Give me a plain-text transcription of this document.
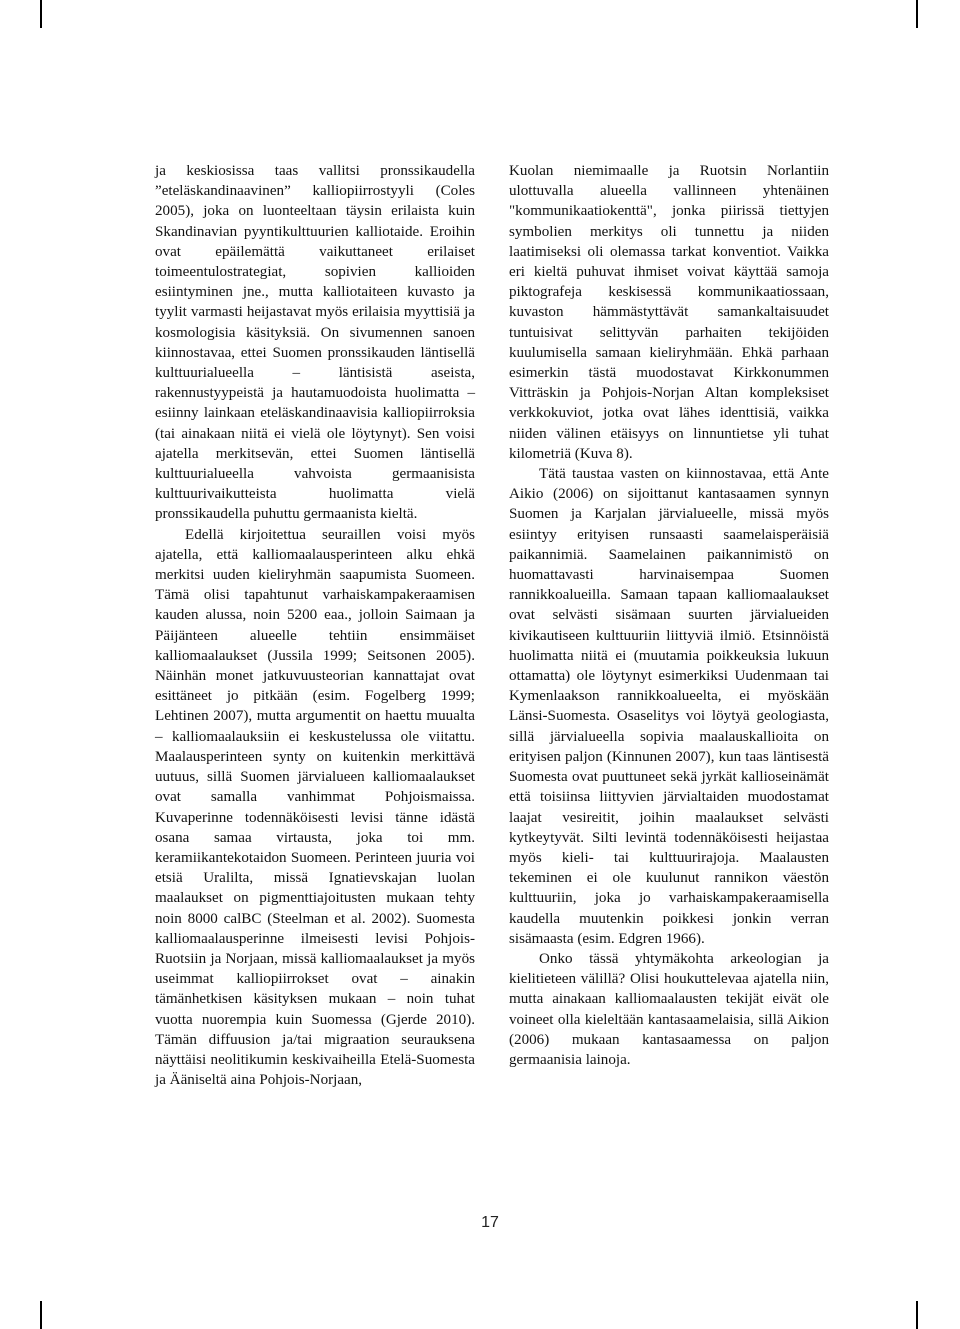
ja keskiosissa taas vallitsi pronssikaudella ”eteläskandinaavinen” kalliopiirrostyyli (Coles 2005), joka on luonteeltaan täysin erilaista kuin Skandinavian pyyntikulttuurien kalliotaide. Eroihin ovat epäilemättä vaikuttaneet erilaiset toimeentulostrategiat, sopivien kallioiden esiintyminen jne., mutta kalliotaiteen kuvasto ja tyylit varmasti heijastavat myös erilaisia myyttisiä ja kosmologisia käsityksiä. On sivumennen sanoen kiinnostavaa, ettei Suomen pronssikauden läntisellä kulttuurialueella – läntisistä aseista, rakennustyypeistä ja hautamuodoista huolimatta – esiinny lainkaan eteläskandinaavisia kalliopiirroksia (tai ainakaan niitä ei vielä ole löytynyt). Sen voisi ajatella merkitsevän, ettei Suomen läntisellä kulttuurialueella vahvoista germaanisista kulttuurivaikutteista huolimatta vielä pronssikaudella puhuttu germaanista kieltä.

Edellä kirjoitettua seuraillen voisi myös ajatella, että kalliomaalausperinteen alku ehkä merkitsi uuden kieliryhmän saapumista Suomeen. Tämä olisi tapahtunut varhaiskampakeraamisen kauden alussa, noin 5200 eaa., jolloin Saimaan ja Päijänteen alueelle tehtiin ensimmäiset kalliomaalaukset (Jussila 1999; Seitsonen 2005). Näinhän monet jatkuvuusteorian kannattajat ovat esittäneet jo pitkään (esim. Fogelberg 1999; Lehtinen 2007), mutta argumentit on haettu muualta – kalliomaalauksiin ei keskustelussa ole viitattu. Maalausperinteen synty on kuitenkin merkittävä uutuus, sillä Suomen järvialueen kalliomaalaukset ovat samalla vanhimmat Pohjoismaissa. Kuvaperinne todennäköisesti levisi tänne idästä osana samaa virtausta, joka toi mm. keramiikantekotaidon Suomeen. Perinteen juuria voi etsiä Uralilta, missä Ignatievskajan luolan maalaukset on pigmenttiajoitusten mukaan tehty noin 8000 calBC (Steelman et al. 2002). Suomesta kalliomaalausperinne ilmeisesti levisi Pohjois-Ruotsiin ja Norjaan, missä kalliomaalaukset ja myös useimmat kalliopiirrokset ovat – ainakin tämänhetkisen käsityksen mukaan – noin tuhat vuotta nuorempia kuin Suomessa (Gjerde 2010). Tämän diffuusion ja/tai migraation seurauksena näyttäisi neolitikumin keskivaiheilla Etelä-Suomesta ja Ääniseltä aina Pohjois-Norjaan,

Kuolan niemimaalle ja Ruotsin Norlantiin ulottuvalla alueella vallinneen yhtenäinen "kommunikaatiokenttä", jonka piirissä tiettyjen symbolien merkitys oli tunnettu ja niiden laatimiseksi oli olemassa tarkat konventiot. Vaikka eri kieltä puhuvat ihmiset voivat käyttää samoja piktografeja keskisessä kommunikaatiossaan, kuvaston hämmästyttävät samankaltaisuudet tuntuisivat selittyvän parhaiten tekijöiden kuulumisella samaan kieliryhmään. Ehkä parhaan esimerkin tästä muodostavat Kirkkonummen Vitträskin ja Pohjois-Norjan Altan kompleksiset verkkokuviot, jotka ovat lähes identtisiä, vaikka niiden välinen etäisyys on linnuntietse yli tuhat kilometriä (Kuva 8).

Tätä taustaa vasten on kiinnostavaa, että Ante Aikio (2006) on sijoittanut kantasaamen synnyn Suomen ja Karjalan järvialueelle, missä myös esiintyy erityisen runsaasti saamelaisperäisiä paikannimiä. Saamelainen paikannimistö on huomattavasti harvinaisempaa Suomen rannikkoalueilla. Samaan tapaan kalliomaalaukset ovat selvästi sisämaan suurten järvialueiden kivikautiseen kulttuuriin liittyviä ilmiö. Etsinnöistä huolimatta niitä ei (muutamia poikkeuksia lukuun ottamatta) ole löytynyt esimerkiksi Uudenmaan tai Kymenlaakson rannikkoalueelta, ei myöskään Länsi-Suomesta. Osaselitys voi löytyä geologiasta, sillä järvialueella sopivia maalauskallioita on erityisen paljon (Kinnunen 2007), kun taas läntisestä Suomesta ovat puuttuneet sekä jyrkät kallioseinämät että toisiinsa liittyvien järvialtaiden muodostamat laajat vesireitit, joihin maalaukset selvästi kytkeytyvät. Silti levintä todennäköisesti heijastaa myös kieli- tai kulttuurirajoja. Maalausten tekeminen ei ole kuulunut rannikon väestön kulttuuriin, joka jo varhaiskampakeraamisella kaudella muutenkin poikkesi jonkin verran sisämaasta (esim. Edgren 1966).

Onko tässä yhtymäkohta arkeologian ja kielitieteen välillä? Olisi houkuttelevaa ajatella niin, mutta ainakaan kalliomaalausten tekijät eivät ole voineet olla kieleltään kantasaamelaisia, sillä Aikion (2006) mukaan kantasaamessa on paljon germaanisia lainoja.

17
